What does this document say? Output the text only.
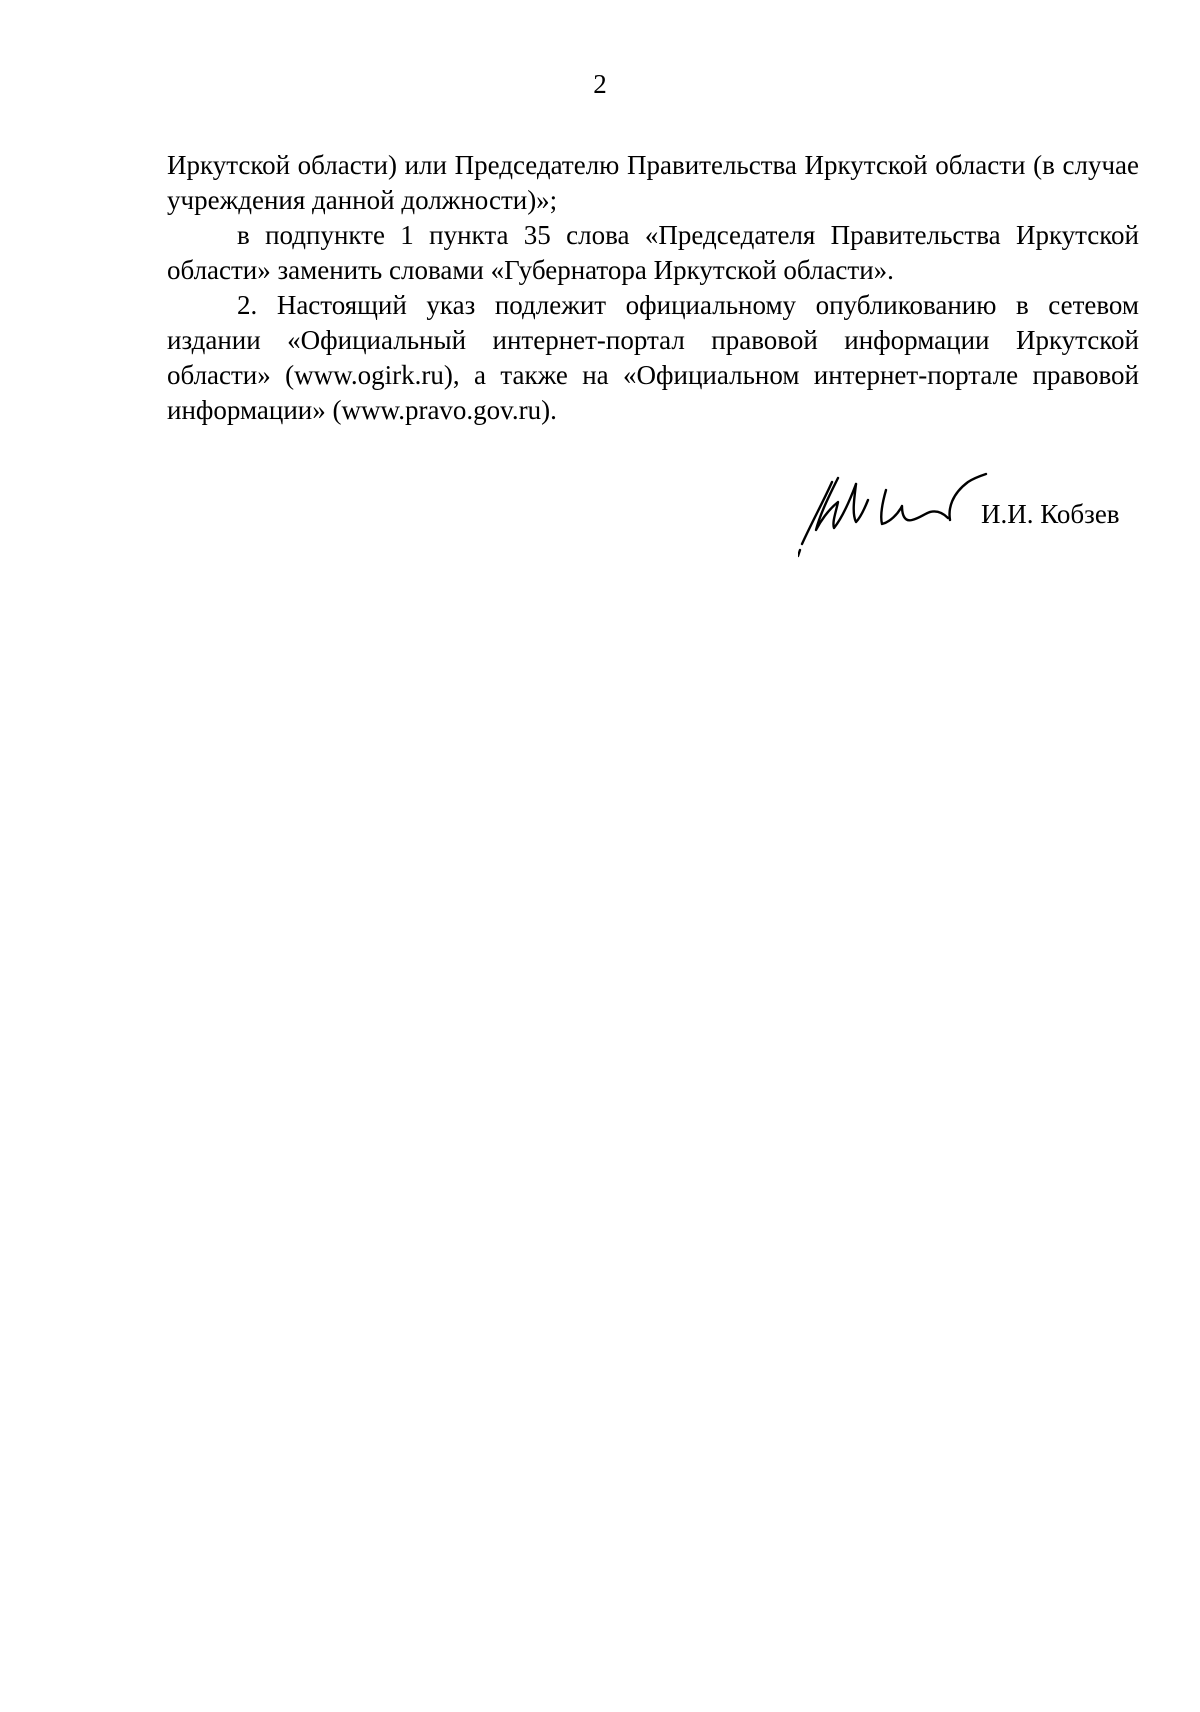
2

Иркутской области) или Председателю Правительства Иркутской области (в случае учреждения данной должности)»;

в подпункте 1 пункта 35 слова «Председателя Правительства Иркутской области» заменить словами «Губернатора Иркутской области».

2. Настоящий указ подлежит официальному опубликованию в сетевом издании «Официальный интернет-портал правовой информации Иркутской области» (www.ogirk.ru), а также на «Официальном интернет-портале правовой информации» (www.pravo.gov.ru).

И.И. Кобзев
